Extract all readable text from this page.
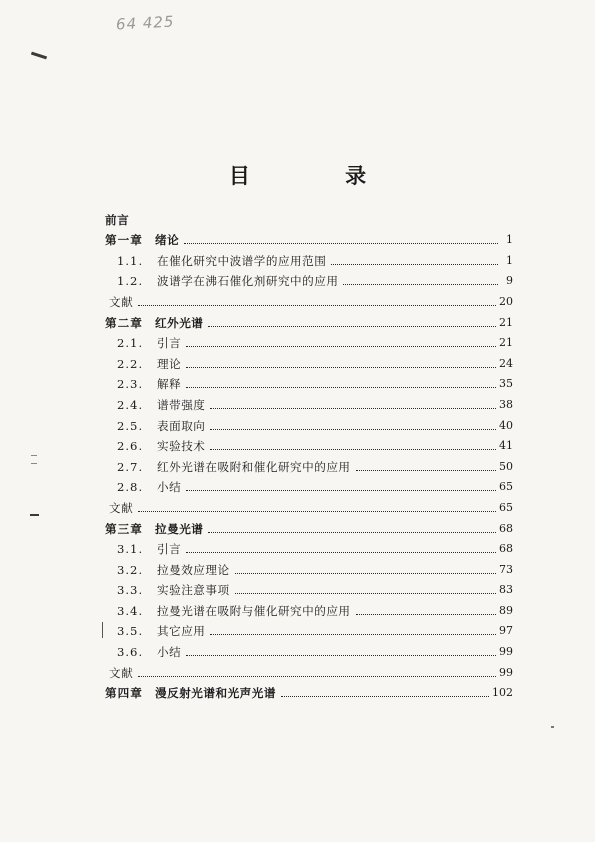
64 425
目 录
前言
第一章	绪论	1
1.1.	在催化研究中波谱学的应用范围	1
1.2.	波谱学在沸石催化剂研究中的应用	9
文献	20
第二章	红外光谱	21
2.1.	引言	21
2.2.	理论	24
2.3.	解释	35
2.4.	谱带强度	38
2.5.	表面取向	40
2.6.	实验技术	41
2.7.	红外光谱在吸附和催化研究中的应用	50
2.8.	小结	65
文献	65
第三章	拉曼光谱	68
3.1.	引言	68
3.2.	拉曼效应理论	73
3.3.	实验注意事项	83
3.4.	拉曼光谱在吸附与催化研究中的应用	89
3.5.	其它应用	97
3.6.	小结	99
文献	99
第四章	漫反射光谱和光声光谱	102
